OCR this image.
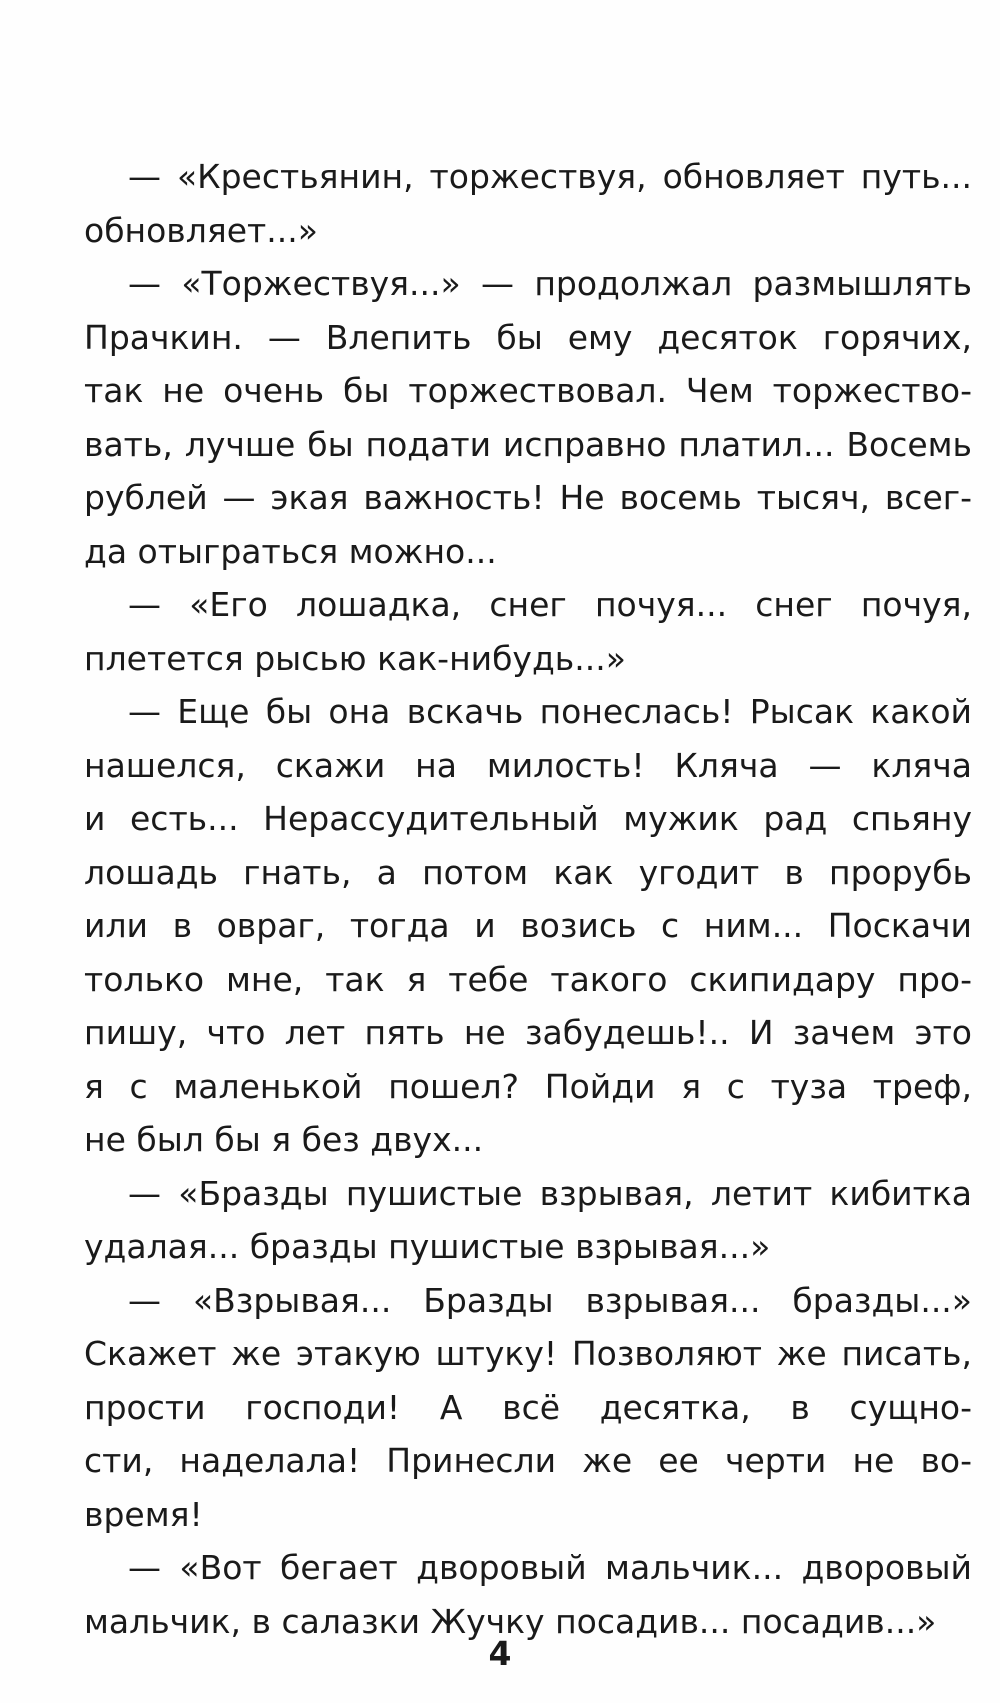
— «Крестьянин, торжествуя, обновляет путь...
обновляет...»
— «Торжествуя...» — продолжал размышлять
Прачкин. — Влепить бы ему десяток горячих,
так не очень бы торжествовал. Чем торжество-
вать, лучше бы подати исправно платил... Восемь
рублей — экая важность! Не восемь тысяч, всег-
да отыграться можно...
— «Его лошадка, снег почуя... снег почуя,
плетется рысью как-нибудь...»
— Еще бы она вскачь понеслась! Рысак какой
нашелся, скажи на милость! Кляча — кляча
и есть... Нерассудительный мужик рад спьяну
лошадь гнать, а потом как угодит в прорубь
или в овраг, тогда и возись с ним... Поскачи
только мне, так я тебе такого скипидару про-
пишу, что лет пять не забудешь!.. И зачем это
я с маленькой пошел? Пойди я с туза треф,
не был бы я без двух...
— «Бразды пушистые взрывая, летит кибитка
удалая... бразды пушистые взрывая...»
— «Взрывая... Бразды взрывая... бразды...»
Скажет же этакую штуку! Позволяют же писать,
прости господи! А всё десятка, в сущно-
сти, наделала! Принесли же ее черти не во-
время!
— «Вот бегает дворовый мальчик... дворовый
мальчик, в салазки Жучку посадив... посадив...»
4
